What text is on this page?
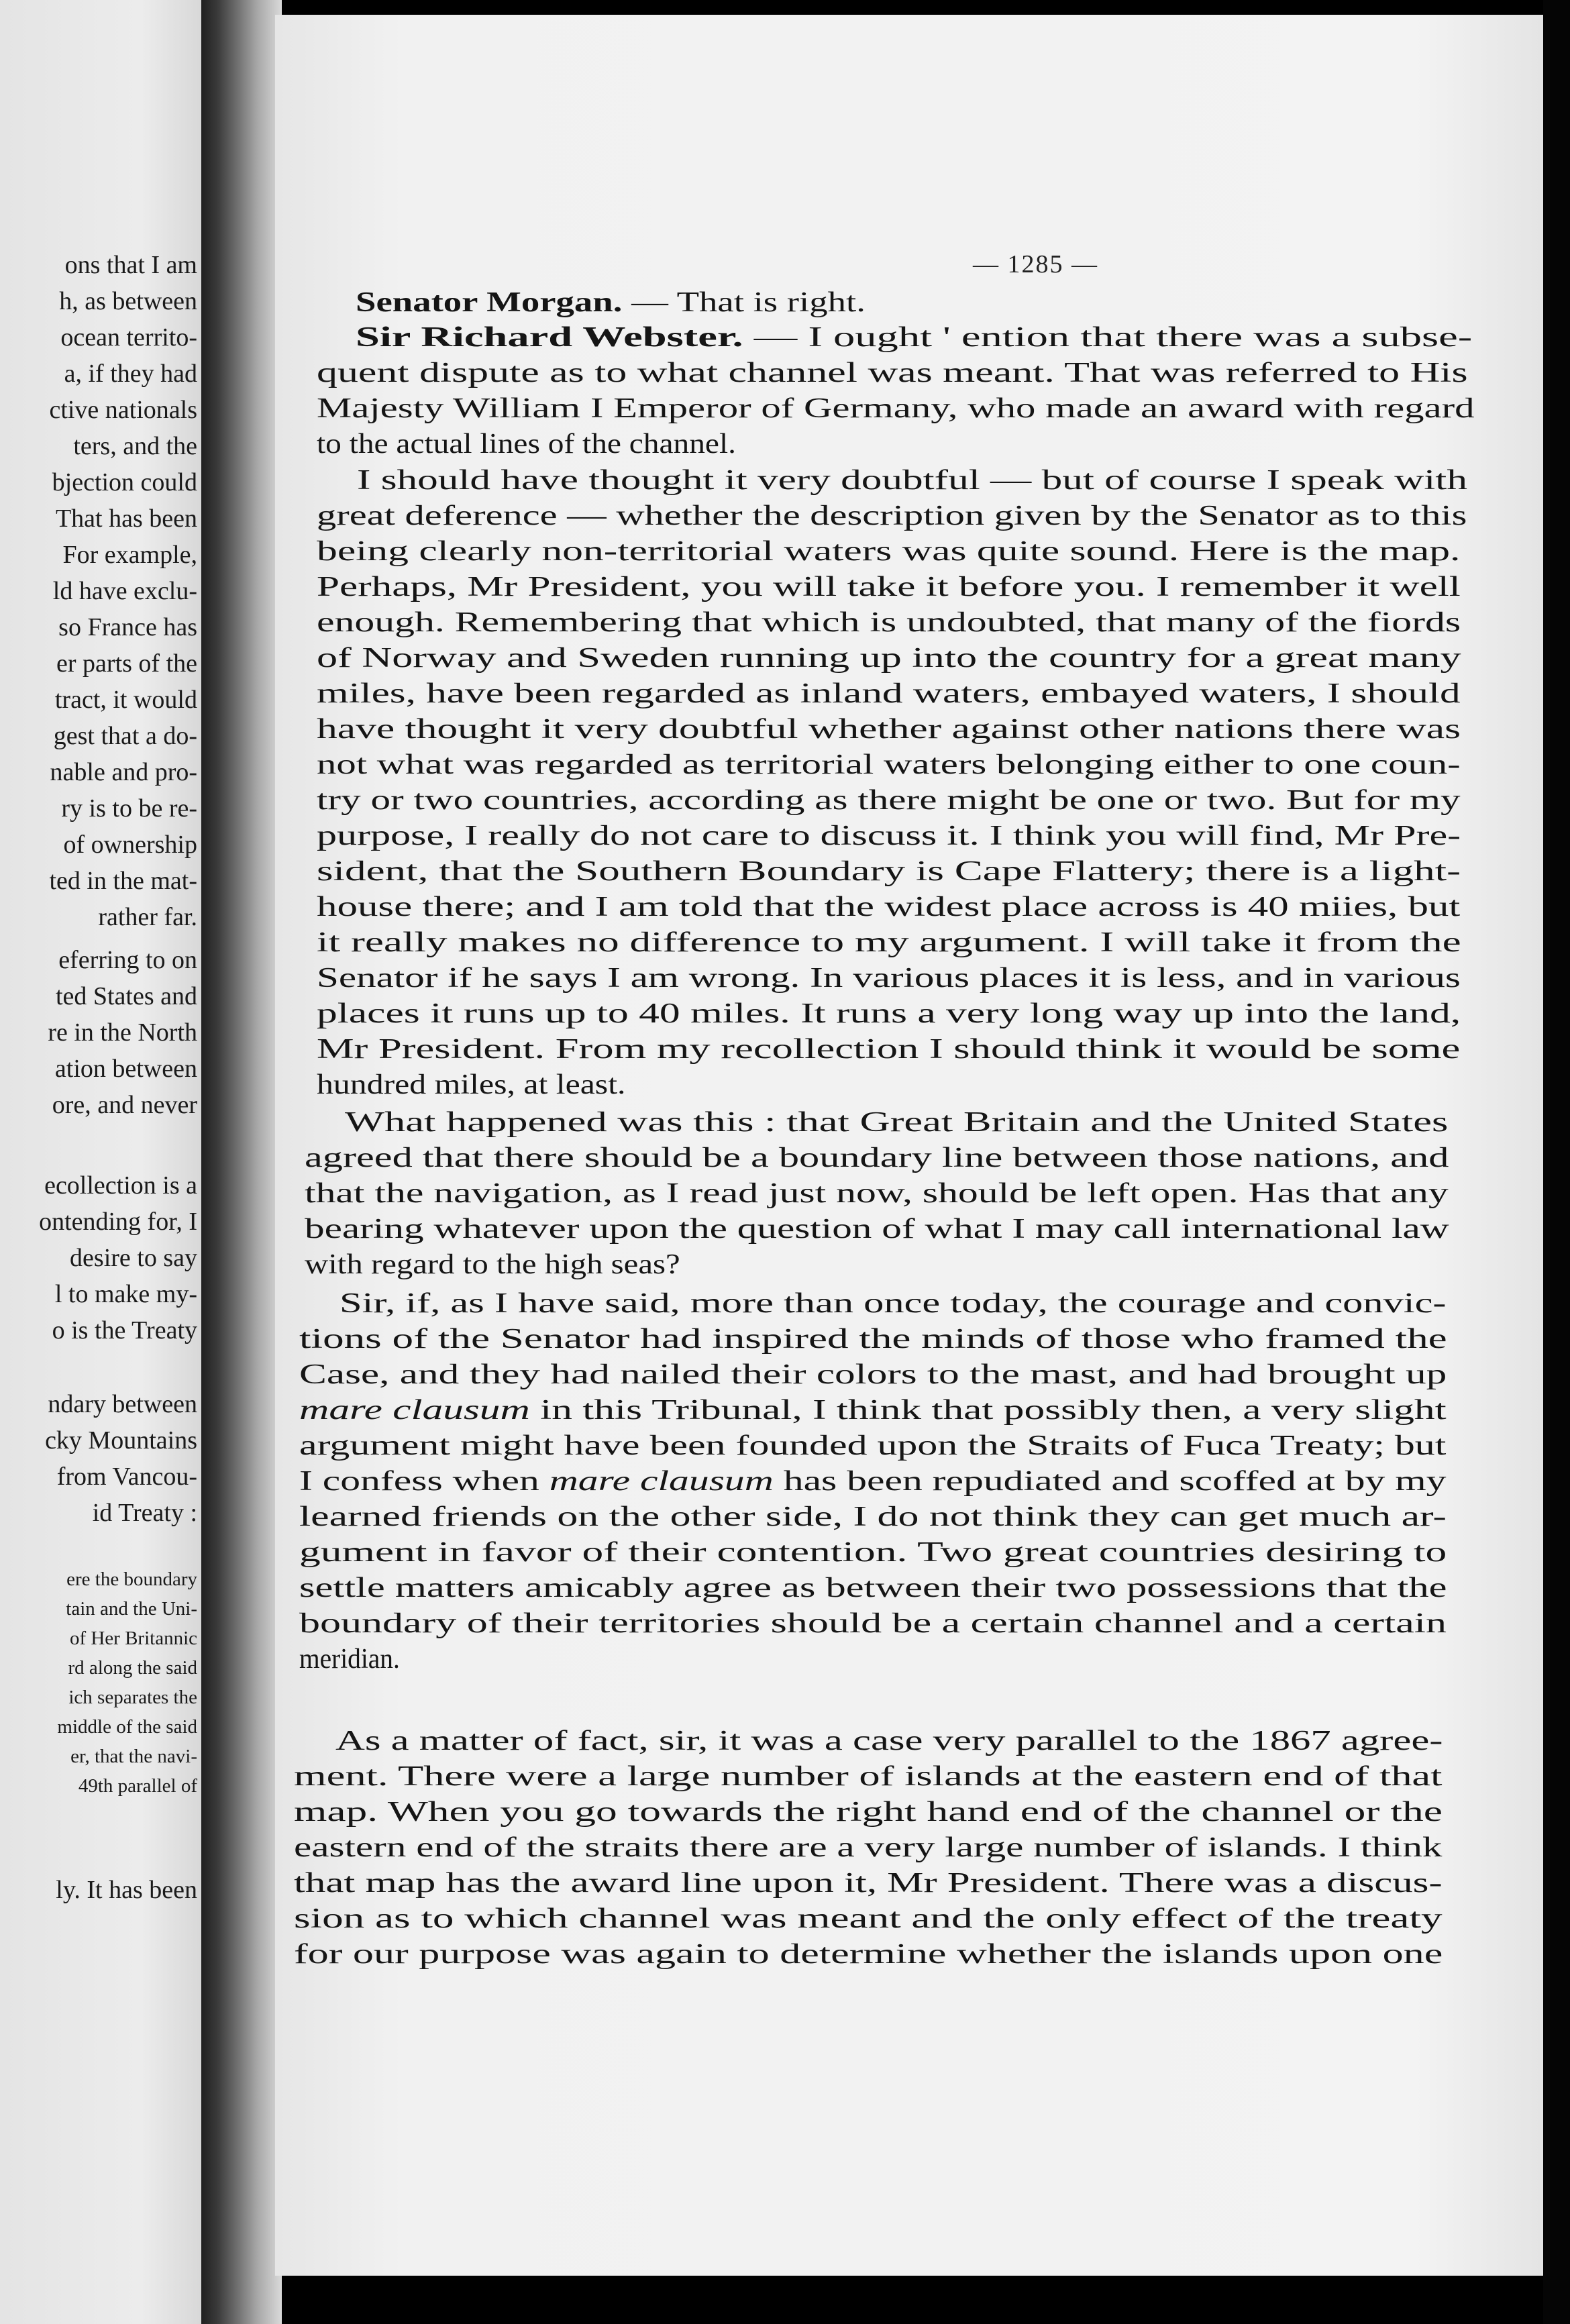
ons that I am
h, as between
ocean territo-
a, if they had
ctive nationals
ters, and the
bjection could
That has been
For example,
ld have exclu-
so France has
er parts of the
tract, it would
gest that a do-
nable and pro-
ry is to be re-
of ownership
ted in the mat-
rather far.
eferring to on
ted States and
re in the North
ation between
ore, and never
ecollection is a
ontending for, I
desire to say
l to make my-
o is the Treaty
ndary between
cky Mountains
from Vancou-
id Treaty :
ere the boundary
tain and the Uni-
of Her Britannic
rd along the said
ich separates the
middle of the said
er, that the navi-
49th parallel of
ly. It has been
— 1285 —
Senator Morgan. — That is right.
Sir Richard Webster. — I ought ' ention that there was a subse-
quent dispute as to what channel was meant. That was referred to His
Majesty William I Emperor of Germany, who made an award with regard
to the actual lines of the channel.
I should have thought it very doubtful — but of course I speak with
great deference — whether the description given by the Senator as to this
being clearly non-territorial waters was quite sound. Here is the map.
Perhaps, Mr President, you will take it before you. I remember it well
enough. Remembering that which is undoubted, that many of the fiords
of Norway and Sweden running up into the country for a great many
miles, have been regarded as inland waters, embayed waters, I should
have thought it very doubtful whether against other nations there was
not what was regarded as territorial waters belonging either to one coun-
try or two countries, according as there might be one or two. But for my
purpose, I really do not care to discuss it. I think you will find, Mr Pre-
sident, that the Southern Boundary is Cape Flattery; there is a light-
house there; and I am told that the widest place across is 40 miies, but
it really makes no difference to my argument. I will take it from the
Senator if he says I am wrong. In various places it is less, and in various
places it runs up to 40 miles. It runs a very long way up into the land,
Mr President. From my recollection I should think it would be some
hundred miles, at least.
What happened was this : that Great Britain and the United States
agreed that there should be a boundary line between those nations, and
that the navigation, as I read just now, should be left open. Has that any
bearing whatever upon the question of what I may call international law
with regard to the high seas?
Sir, if, as I have said, more than once today, the courage and convic-
tions of the Senator had inspired the minds of those who framed the
Case, and they had nailed their colors to the mast, and had brought up
mare clausum in this Tribunal, I think that possibly then, a very slight
argument might have been founded upon the Straits of Fuca Treaty; but
I confess when mare clausum has been repudiated and scoffed at by my
learned friends on the other side, I do not think they can get much ar-
gument in favor of their contention. Two great countries desiring to
settle matters amicably agree as between their two possessions that the
boundary of their territories should be a certain channel and a certain
meridian.
As a matter of fact, sir, it was a case very parallel to the 1867 agree-
ment. There were a large number of islands at the eastern end of that
map. When you go towards the right hand end of the channel or the
eastern end of the straits there are a very large number of islands. I think
that map has the award line upon it, Mr President. There was a discus-
sion as to which channel was meant and the only effect of the treaty
for our purpose was again to determine whether the islands upon one
